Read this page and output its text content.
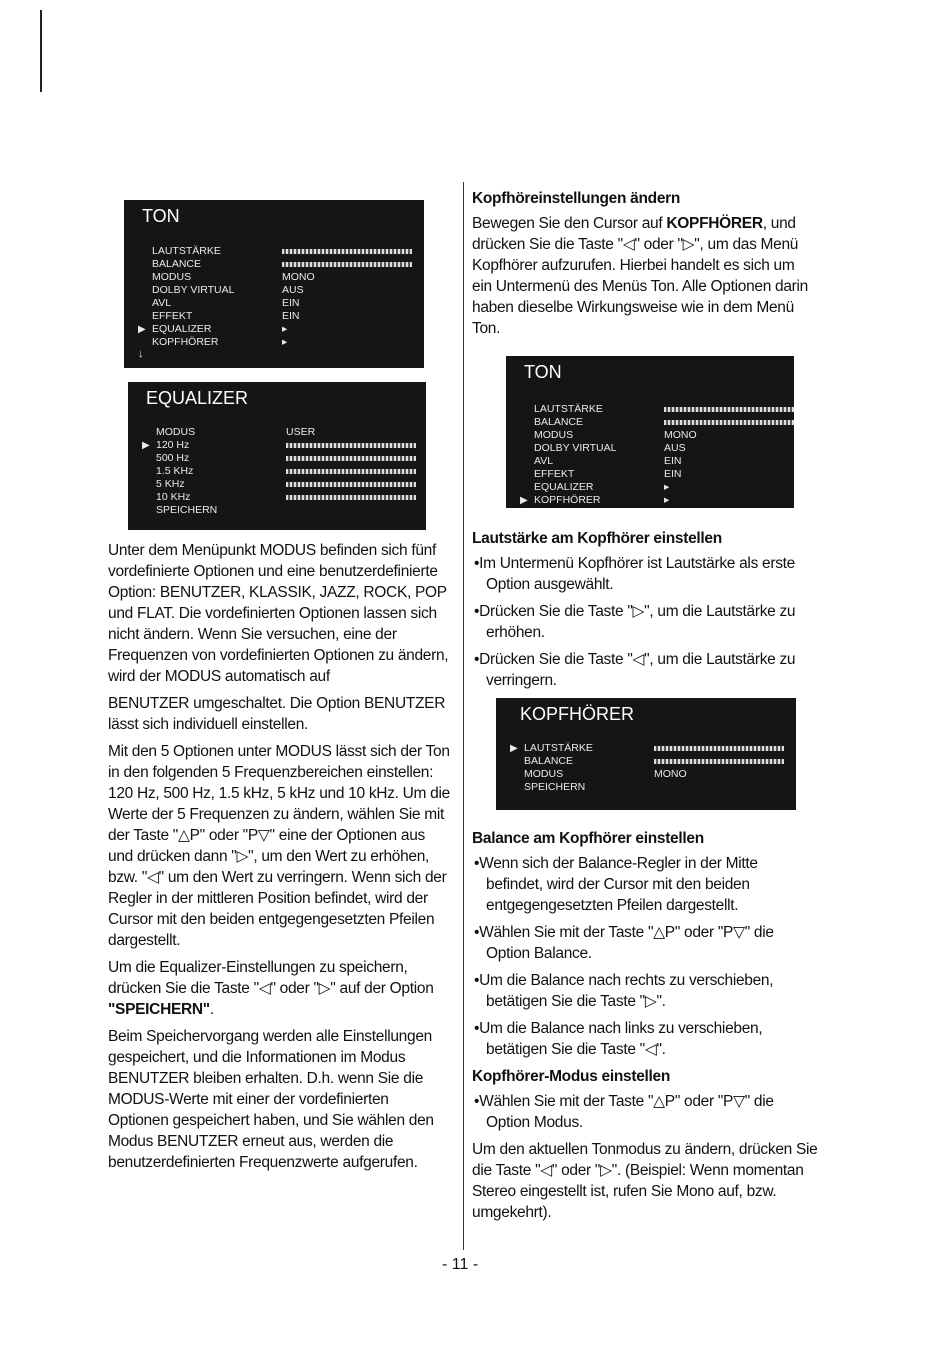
TON
LAUTSTÄRKE
BALANCE
MODUS	MONO
DOLBY VIRTUAL	AUS
AVL	EIN
EFFEKT	EIN
▶ EQUALIZER	▸
KOPFHÖRER	▸
↓
EQUALIZER
MODUS	USER
▶ 120 Hz
500 Hz
1.5 KHz
5 KHz
10 KHz
SPEICHERN
TON
LAUTSTÄRKE
BALANCE
MODUS	MONO
DOLBY VIRTUAL	AUS
AVL	EIN
EFFEKT	EIN
EQUALIZER	▸
▶ KOPFHÖRER	▸
KOPFHÖRER
▶ LAUTSTÄRKE
BALANCE
MODUS	MONO
SPEICHERN

Unter dem Menüpunkt MODUS befinden sich fünf vordefinierte Optionen und eine benutzerdefinierte Option: BENUTZER, KLASSIK, JAZZ, ROCK, POP und FLAT. Die vordefinierten Optionen lassen sich nicht ändern. Wenn Sie versuchen, eine der Frequenzen von vordefinierten Optionen zu ändern, wird der MODUS automatisch auf

BENUTZER umgeschaltet. Die Option BENUTZER lässt sich individuell einstellen.

Mit den 5 Optionen unter MODUS lässt sich der Ton in den folgenden 5 Frequenzbereichen einstellen: 120 Hz, 500 Hz, 1.5 kHz, 5 kHz und 10 kHz. Um die Werte der 5 Frequenzen zu ändern, wählen Sie mit der Taste "△P" oder "P▽" eine der Optionen aus und drücken dann "▷", um den Wert zu erhöhen, bzw. "◁" um den Wert zu verringern. Wenn sich der Regler in der mittleren Position befindet, wird der Cursor mit den beiden entgegengesetzten Pfeilen dargestellt.

Um die Equalizer-Einstellungen zu speichern, drücken Sie die Taste "◁" oder "▷" auf der Option "SPEICHERN".

Beim Speichervorgang werden alle Einstellungen gespeichert, und die Informationen im Modus BENUTZER bleiben erhalten. D.h. wenn Sie die MODUS-Werte mit einer der vordefinierten Optionen gespeichert haben, und Sie wählen den Modus BENUTZER erneut aus, werden die benutzerdefinierten Frequenzwerte aufgerufen.

Kopfhöreinstellungen ändern

Bewegen Sie den Cursor auf KOPFHÖRER, und drücken Sie die Taste "◁" oder "▷", um das Menü Kopfhörer aufzurufen. Hierbei handelt es sich um ein Untermenü des Menüs Ton. Alle Optionen darin haben dieselbe Wirkungsweise wie in dem Menü Ton.

Lautstärke am Kopfhörer einstellen
• Im Untermenü Kopfhörer ist Lautstärke als erste Option ausgewählt.
• Drücken Sie die Taste "▷", um die Lautstärke zu erhöhen.
• Drücken Sie die Taste "◁", um die Lautstärke zu verringern.
Balance am Kopfhörer einstellen
• Wenn sich der Balance-Regler in der Mitte befindet, wird der Cursor mit den beiden entgegengesetzten Pfeilen dargestellt.
• Wählen Sie mit der Taste "△P" oder "P▽" die Option Balance.
• Um die Balance nach rechts zu verschieben, betätigen Sie die Taste "▷".
• Um die Balance nach links zu verschieben, betätigen Sie die Taste "◁".
Kopfhörer-Modus einstellen
• Wählen Sie mit der Taste "△P" oder "P▽" die Option Modus.

Um den aktuellen Tonmodus zu ändern, drücken Sie die Taste "◁" oder "▷". (Beispiel: Wenn momentan Stereo eingestellt ist, rufen Sie Mono auf, bzw. umgekehrt).

- 11 -
